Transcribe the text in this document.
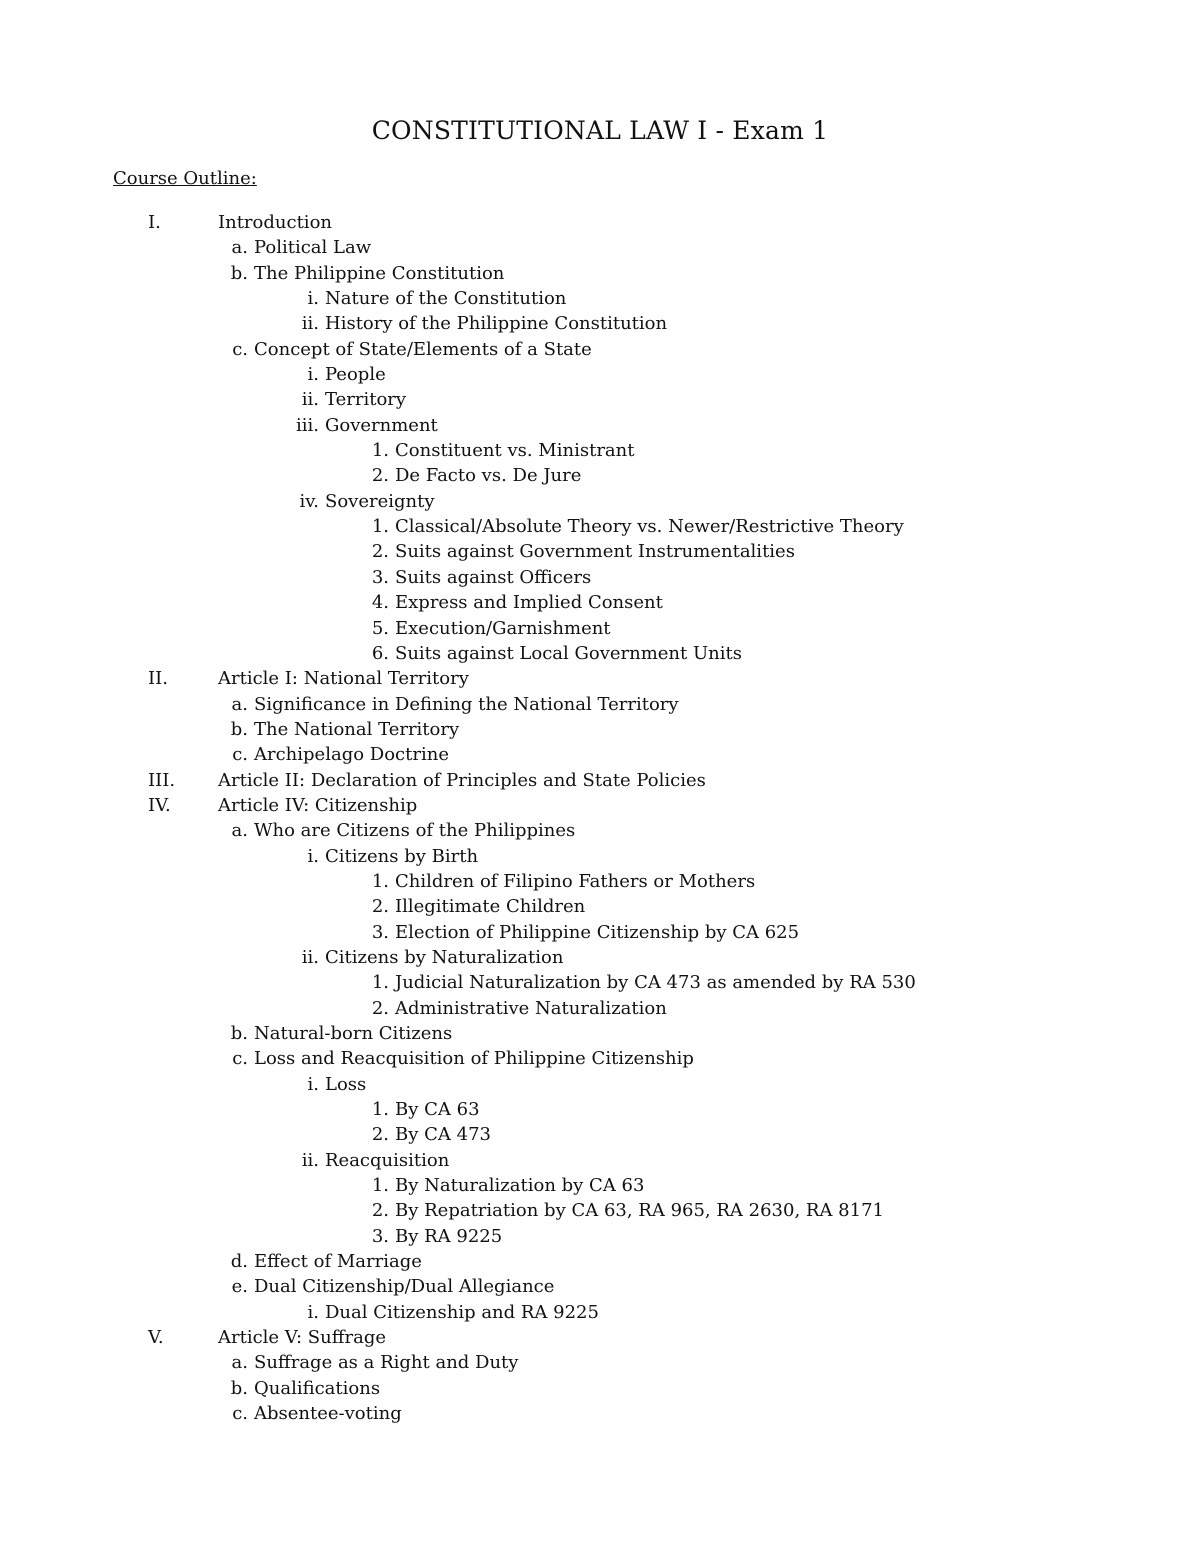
CONSTITUTIONAL LAW I - Exam 1
Course Outline:
I.	Introduction
a. Political Law
b. The Philippine Constitution
i. Nature of the Constitution
ii. History of the Philippine Constitution
c. Concept of State/Elements of a State
i. People
ii. Territory
iii. Government
1. Constituent vs. Ministrant
2. De Facto vs. De Jure
iv. Sovereignty
1. Classical/Absolute Theory vs. Newer/Restrictive Theory
2. Suits against Government Instrumentalities
3. Suits against Officers
4. Express and Implied Consent
5. Execution/Garnishment
6. Suits against Local Government Units
II.	Article I: National Territory
a. Significance in Defining the National Territory
b. The National Territory
c. Archipelago Doctrine
III. Article II: Declaration of Principles and State Policies
IV.	Article IV: Citizenship
a. Who are Citizens of the Philippines
i. Citizens by Birth
1. Children of Filipino Fathers or Mothers
2. Illegitimate Children
3. Election of Philippine Citizenship by CA 625
ii. Citizens by Naturalization
1. Judicial Naturalization by CA 473 as amended by RA 530
2. Administrative Naturalization
b. Natural-born Citizens
c. Loss and Reacquisition of Philippine Citizenship
i. Loss
1. By CA 63
2. By CA 473
ii. Reacquisition
1. By Naturalization by CA 63
2. By Repatriation by CA 63, RA 965, RA 2630, RA 8171
3. By RA 9225
d. Effect of Marriage
e. Dual Citizenship/Dual Allegiance
i. Dual Citizenship and RA 9225
V.	Article V: Suffrage
a. Suffrage as a Right and Duty
b. Qualifications
c. Absentee-voting
